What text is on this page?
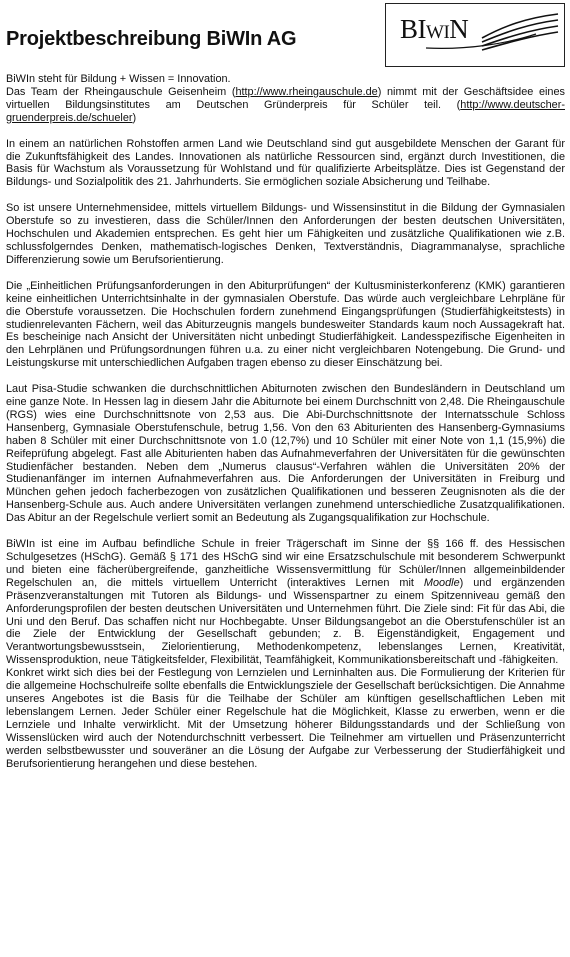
Projektbeschreibung BiWIn AG	BIWIN

BiWIn steht für Bildung + Wissen = Innovation.
Das Team der Rheingauschule Geisenheim (http://www.rheingauschule.de) nimmt mit der Geschäftsidee eines virtuellen Bildungsinstitutes am Deutschen Gründerpreis für Schüler teil. (http://www.deutscher-gruenderpreis.de/schueler)

In einem an natürlichen Rohstoffen armen Land wie Deutschland sind gut ausgebildete Menschen der Garant für die Zukunftsfähigkeit des Landes. Innovationen als natürliche Ressourcen sind, ergänzt durch Investitionen, die Basis für Wachstum als Voraussetzung für Wohlstand und für qualifizierte Arbeitsplätze. Dies ist Gegenstand der Bildungs- und Sozialpolitik des 21. Jahrhunderts. Sie ermöglichen soziale Absicherung und Teilhabe.

So ist unsere Unternehmensidee, mittels virtuellem Bildungs- und Wissensinstitut in die Bildung der Gymnasialen Oberstufe so zu investieren, dass die Schüler/Innen den Anforderungen der besten deutschen Universitäten, Hochschulen und Akademien entsprechen. Es geht hier um Fähigkeiten und zusätzliche Qualifikationen wie z.B. schlussfolgerndes Denken, mathematisch-logisches Denken, Textverständnis, Diagrammanalyse, sprachliche Differenzierung sowie um Berufsorientierung.

Die „Einheitlichen Prüfungsanforderungen in den Abiturprüfungen“ der Kultusministerkonferenz (KMK) garantieren keine einheitlichen Unterrichtsinhalte in der gymnasialen Oberstufe. Das würde auch vergleichbare Lehrpläne für die Oberstufe voraussetzen. Die Hochschulen fordern zunehmend Eingangsprüfungen (Studierfähigkeitstests) in studienrelevanten Fächern, weil das Abiturzeugnis mangels bundesweiter Standards kaum noch Aussagekraft hat. Es bescheinige nach Ansicht der Universitäten nicht unbedingt Studierfähigkeit. Landesspezifische Eigenheiten in den Lehrplänen und Prüfungsordnungen führen u.a. zu einer nicht vergleichbaren Notengebung. Die Grund- und Leistungskurse mit unterschiedlichen Aufgaben tragen ebenso zu dieser Einschätzung bei.

Laut Pisa-Studie schwanken die durchschnittlichen Abiturnoten zwischen den Bundesländern in Deutschland um eine ganze Note. In Hessen lag in diesem Jahr die Abiturnote bei einem Durchschnitt von 2,48. Die Rheingauschule (RGS) wies eine Durchschnittsnote von 2,53 aus. Die Abi-Durchschnittsnote der Internatsschule Schloss Hansenberg, Gymnasiale Oberstufenschule, betrug 1,56. Von den 63 Abiturienten des Hansenberg-Gymnasiums haben 8 Schüler mit einer Durchschnittsnote von 1.0 (12,7%) und 10 Schüler mit einer Note von 1,1 (15,9%) die Reifeprüfung abgelegt. Fast alle Abiturienten haben das Aufnahmeverfahren der Universitäten für die gewünschten Studienfächer bestanden. Neben dem „Numerus clausus“-Verfahren wählen die Universitäten 20% der Studienanfänger im internen Aufnahmeverfahren aus. Die Anforderungen der Universitäten in Freiburg und München gehen jedoch facherbezogen von zusätzlichen Qualifikationen und besseren Zeugnisnoten als die der Hansenberg-Schule aus. Auch andere Universitäten verlangen zunehmend unterschiedliche Zusatzqualifikationen. Das Abitur an der Regelschule verliert somit an Bedeutung als Zugangsqualifikation zur Hochschule.

BiWIn ist eine im Aufbau befindliche Schule in freier Trägerschaft im Sinne der §§ 166 ff. des Hessischen Schulgesetzes (HSchG). Gemäß § 171 des HSchG sind wir eine Ersatzschulschule mit besonderem Schwerpunkt und bieten eine fächerübergreifende, ganzheitliche Wissensvermittlung für Schüler/Innen allgemeinbildender Regelschulen an, die mittels virtuellem Unterricht (interaktives Lernen mit Moodle) und ergänzenden Präsenzveranstaltungen mit Tutoren als Bildungs- und Wissenspartner zu einem Spitzenniveau gemäß den Anforderungsprofilen der besten deutschen Universitäten und Unternehmen führt. Die Ziele sind: Fit für das Abi, die Uni und den Beruf. Das schaffen nicht nur Hochbegabte. Unser Bildungsangebot an die Oberstufenschüler ist an die Ziele der Entwicklung der Gesellschaft gebunden; z. B. Eigenständigkeit, Engagement und Verantwortungsbewusstsein, Zielorientierung, Methodenkompetenz, lebenslanges Lernen, Kreativität, Wissensproduktion, neue Tätigkeitsfelder, Flexibilität, Teamfähigkeit, Kommunikationsbereitschaft und -fähigkeiten.

Konkret wirkt sich dies bei der Festlegung von Lernzielen und Lerninhalten aus. Die Formulierung der Kriterien für die allgemeine Hochschulreife sollte ebenfalls die Entwicklungsziele der Gesellschaft berücksichtigen. Die Annahme unseres Angebotes ist die Basis für die Teilhabe der Schüler am künftigen gesellschaftlichen Leben mit lebenslangem Lernen. Jeder Schüler einer Regelschule hat die Möglichkeit, Klasse zu erwerben, wenn er die Lernziele und Inhalte verwirklicht. Mit der Umsetzung höherer Bildungsstandards und der Schließung von Wissenslücken wird auch der Notendurchschnitt verbessert. Die Teilnehmer am virtuellen und Präsenzunterricht werden selbstbewusster und souveräner an die Lösung der Aufgabe zur Verbesserung der Studierfähigkeit und Berufsorientierung herangehen und diese bestehen.
